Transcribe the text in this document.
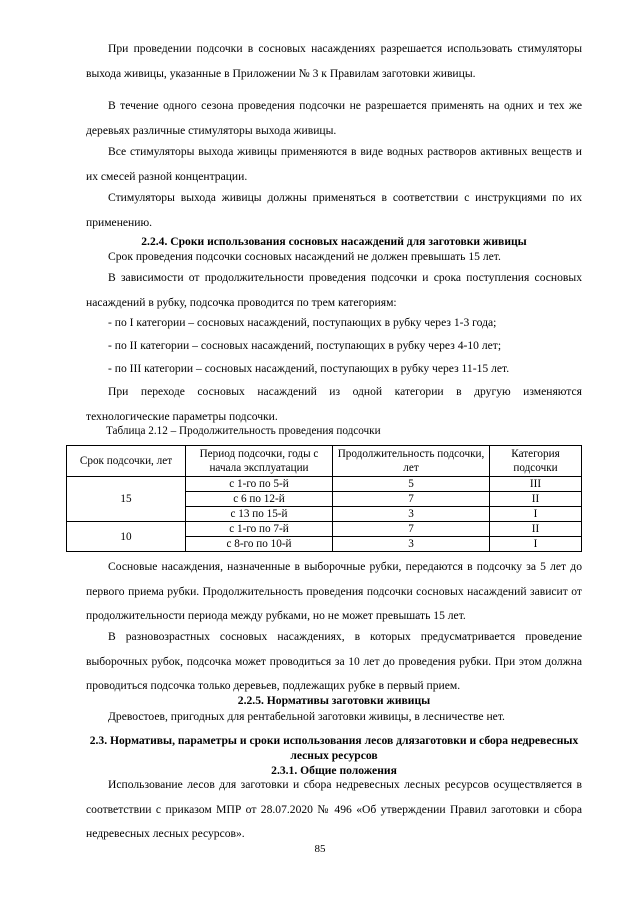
При проведении подсочки в сосновых насаждениях разрешается использовать стимуляторы выхода живицы, указанные в Приложении № 3 к Правилам заготовки живицы.

В течение одного сезона проведения подсочки не разрешается применять на одних и тех же деревьях различные стимуляторы выхода живицы.

Все стимуляторы выхода живицы применяются в виде водных растворов активных веществ и их смесей разной концентрации.

Стимуляторы выхода живицы должны применяться в соответствии с инструкциями по их применению.

2.2.4. Сроки использования сосновых насаждений для заготовки живицы

Срок проведения подсочки сосновых насаждений не должен превышать 15 лет.

В зависимости от продолжительности проведения подсочки и срока поступления сосновых насаждений в рубку, подсочка проводится по трем категориям:

- по I категории – сосновых насаждений, поступающих в рубку через 1-3 года;

- по II категории – сосновых насаждений, поступающих в рубку через 4-10 лет;

- по III категории – сосновых насаждений, поступающих в рубку через 11-15 лет.

При переходе сосновых насаждений из одной категории в другую изменяются технологические параметры подсочки.

Таблица 2.12 – Продолжительность проведения подсочки
Срок подсочки, лет	Период подсочки, годы с начала эксплуатации	Продолжительность подсочки, лет	Категория подсочки
15	с 1-го по 5-й	5	III
	с 6 по 12-й	7	II
	с 13 по 15-й	3	I
10	с 1-го по 7-й	7	II
	с 8-го по 10-й	3	I

Сосновые насаждения, назначенные в выборочные рубки, передаются в подсочку за 5 лет до первого приема рубки. Продолжительность проведения подсочки сосновых насаждений зависит от продолжительности периода между рубками, но не может превышать 15 лет.

В разновозрастных сосновых насаждениях, в которых предусматривается проведение выборочных рубок, подсочка может проводиться за 10 лет до проведения рубки. При этом должна проводиться подсочка только деревьев, подлежащих рубке в первый прием.

2.2.5. Нормативы заготовки живицы

Древостоев, пригодных для рентабельной заготовки живицы, в лесничестве нет.

2.3. Нормативы, параметры и сроки использования лесов длязаготовки и сбора недревесных лесных ресурсов

2.3.1. Общие положения

Использование лесов для заготовки и сбора недревесных лесных ресурсов осуществляется в соответствии с приказом МПР от 28.07.2020 № 496 «Об утверждении Правил заготовки и сбора недревесных лесных ресурсов».

85
